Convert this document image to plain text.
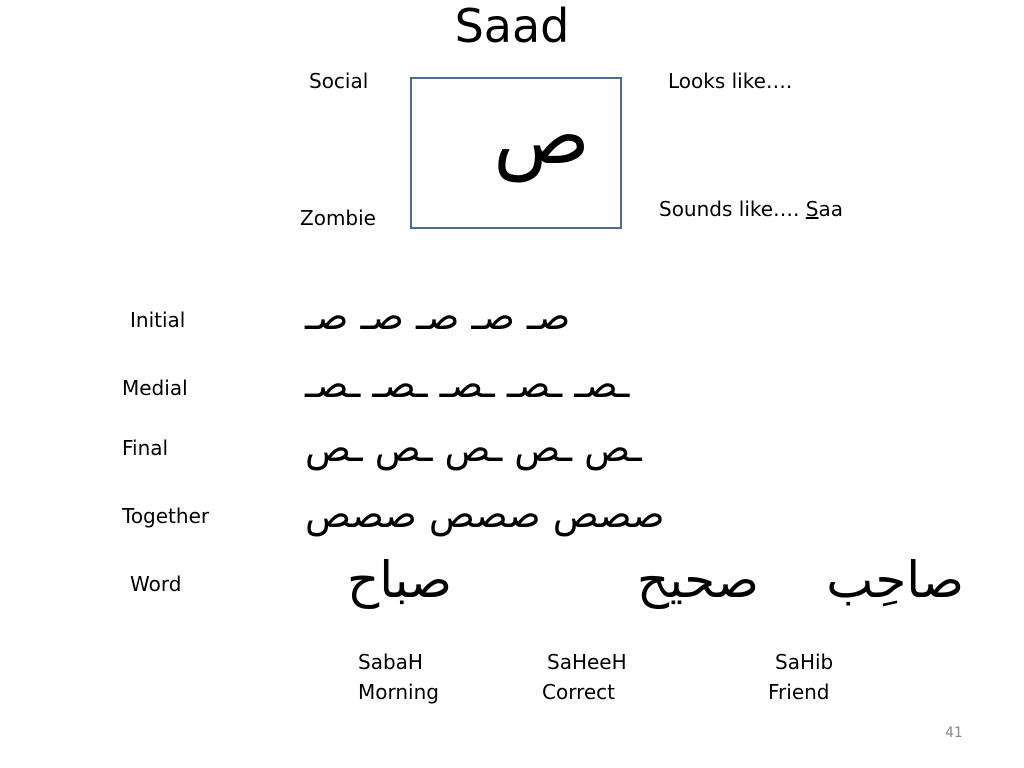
Saad
Social
Zombie
Looks like….
Sounds like…. Saa
ص
Initial
Medial
Final
Together
Word
صـ صـ صـ صـ صـ
ـصـ ـصـ ـصـ ـصـ ـصـ
ـص ـص ـص ـص ـص
صصص صصص صصص
صاحِب
صحيح
صباح
SabaH
Morning
SaHeeH
Correct
SaHib
Friend
41
